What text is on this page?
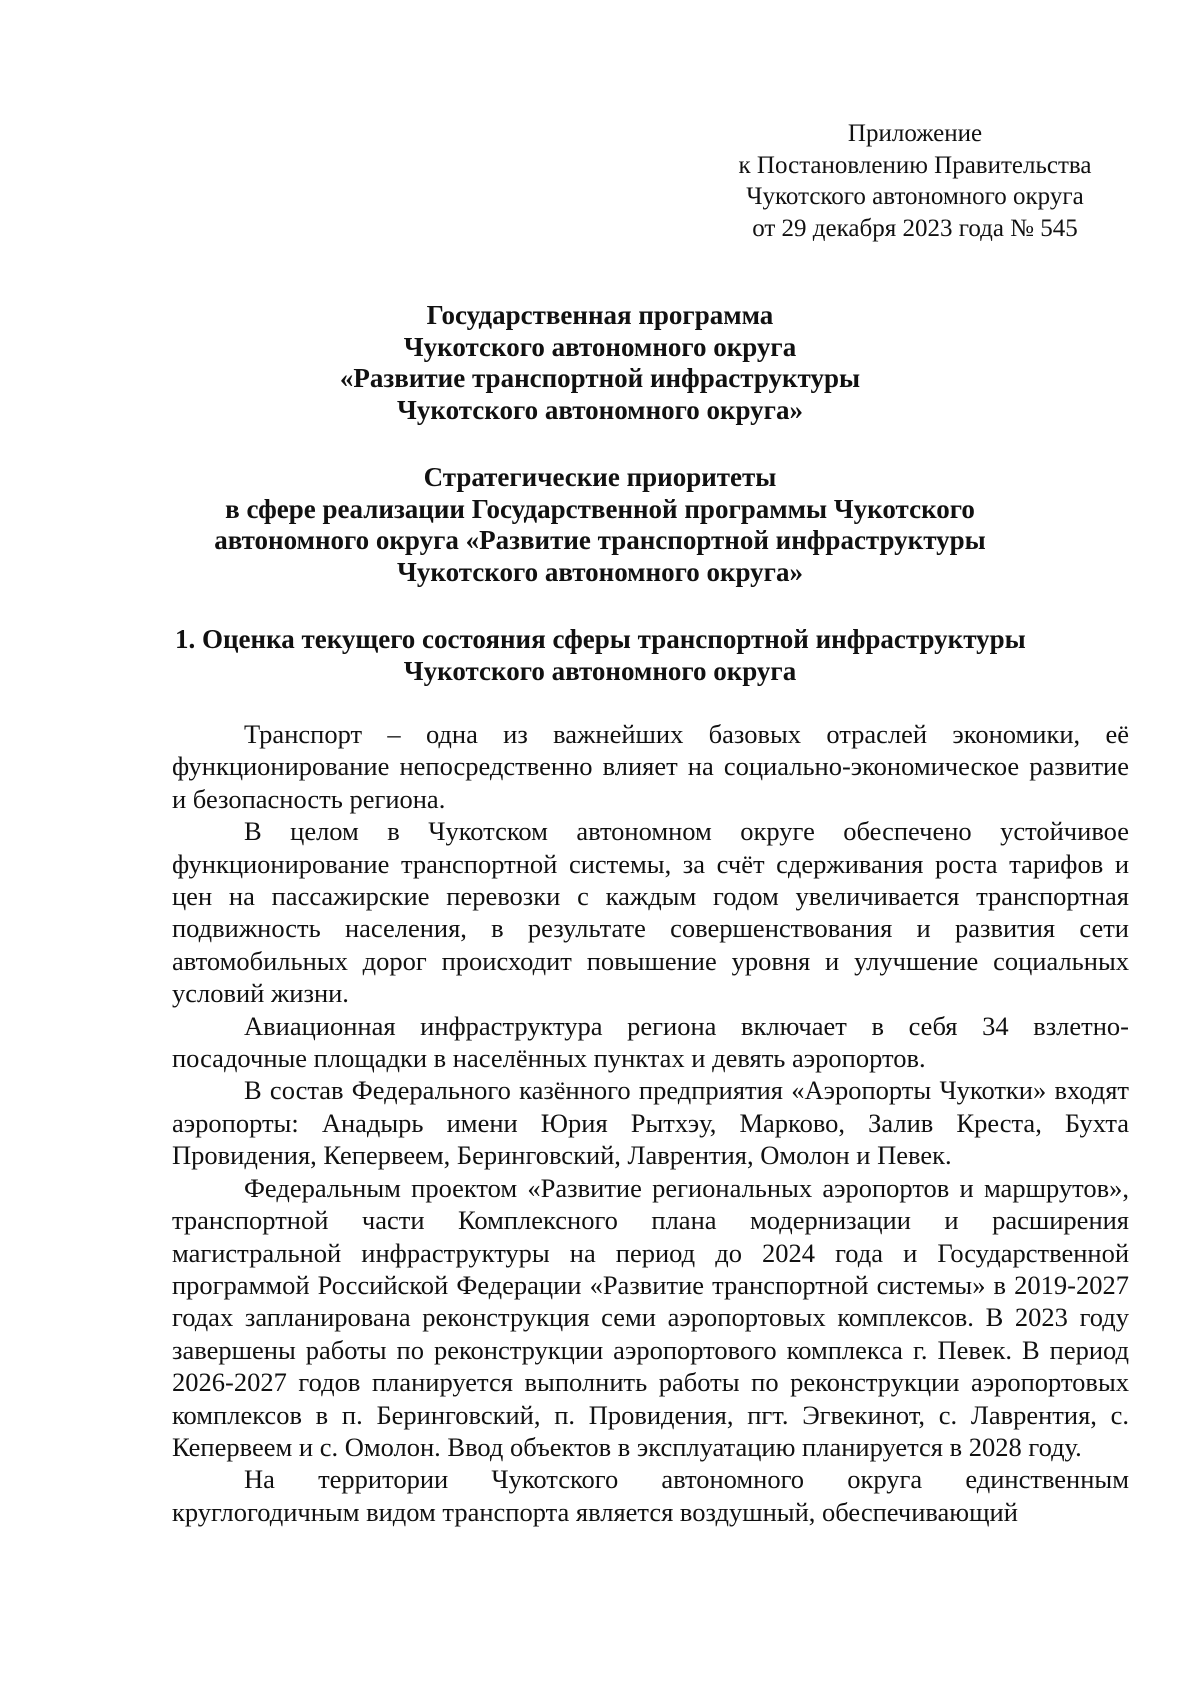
Приложение
к Постановлению Правительства
Чукотского автономного округа
от 29 декабря 2023 года № 545
Государственная программа
Чукотского автономного округа
«Развитие транспортной инфраструктуры
Чукотского автономного округа»
Стратегические приоритеты
в сфере реализации Государственной программы Чукотского
автономного округа «Развитие транспортной инфраструктуры
Чукотского автономного округа»
1. Оценка текущего состояния сферы транспортной инфраструктуры
Чукотского автономного округа

Транспорт – одна из важнейших базовых отраслей экономики, её функционирование непосредственно влияет на социально-экономическое развитие и безопасность региона.

В целом в Чукотском автономном округе обеспечено устойчивое функционирование транспортной системы, за счёт сдерживания роста тарифов и цен на пассажирские перевозки с каждым годом увеличивается транспортная подвижность населения, в результате совершенствования и развития сети автомобильных дорог происходит повышение уровня и улучшение социальных условий жизни.

Авиационная инфраструктура региона включает в себя 34 взлетно-посадочные площадки в населённых пунктах и девять аэропортов.

В состав Федерального казённого предприятия «Аэропорты Чукотки» входят аэропорты: Анадырь имени Юрия Рытхэу, Марково, Залив Креста, Бухта Провидения, Кепервеем, Беринговский, Лаврентия, Омолон и Певек.

Федеральным проектом «Развитие региональных аэропортов и маршрутов», транспортной части Комплексного плана модернизации и расширения магистральной инфраструктуры на период до 2024 года и Государственной программой Российской Федерации «Развитие транспортной системы» в 2019-2027 годах запланирована реконструкция семи аэропортовых комплексов. В 2023 году завершены работы по реконструкции аэропортового комплекса г. Певек. В период 2026-2027 годов планируется выполнить работы по реконструкции аэропортовых комплексов в п. Беринговский, п. Провидения, пгт. Эгвекинот, с. Лаврентия, с. Кепервеем и с. Омолон. Ввод объектов в эксплуатацию планируется в 2028 году.

На территории Чукотского автономного округа единственным круглогодичным видом транспорта является воздушный, обеспечивающий
